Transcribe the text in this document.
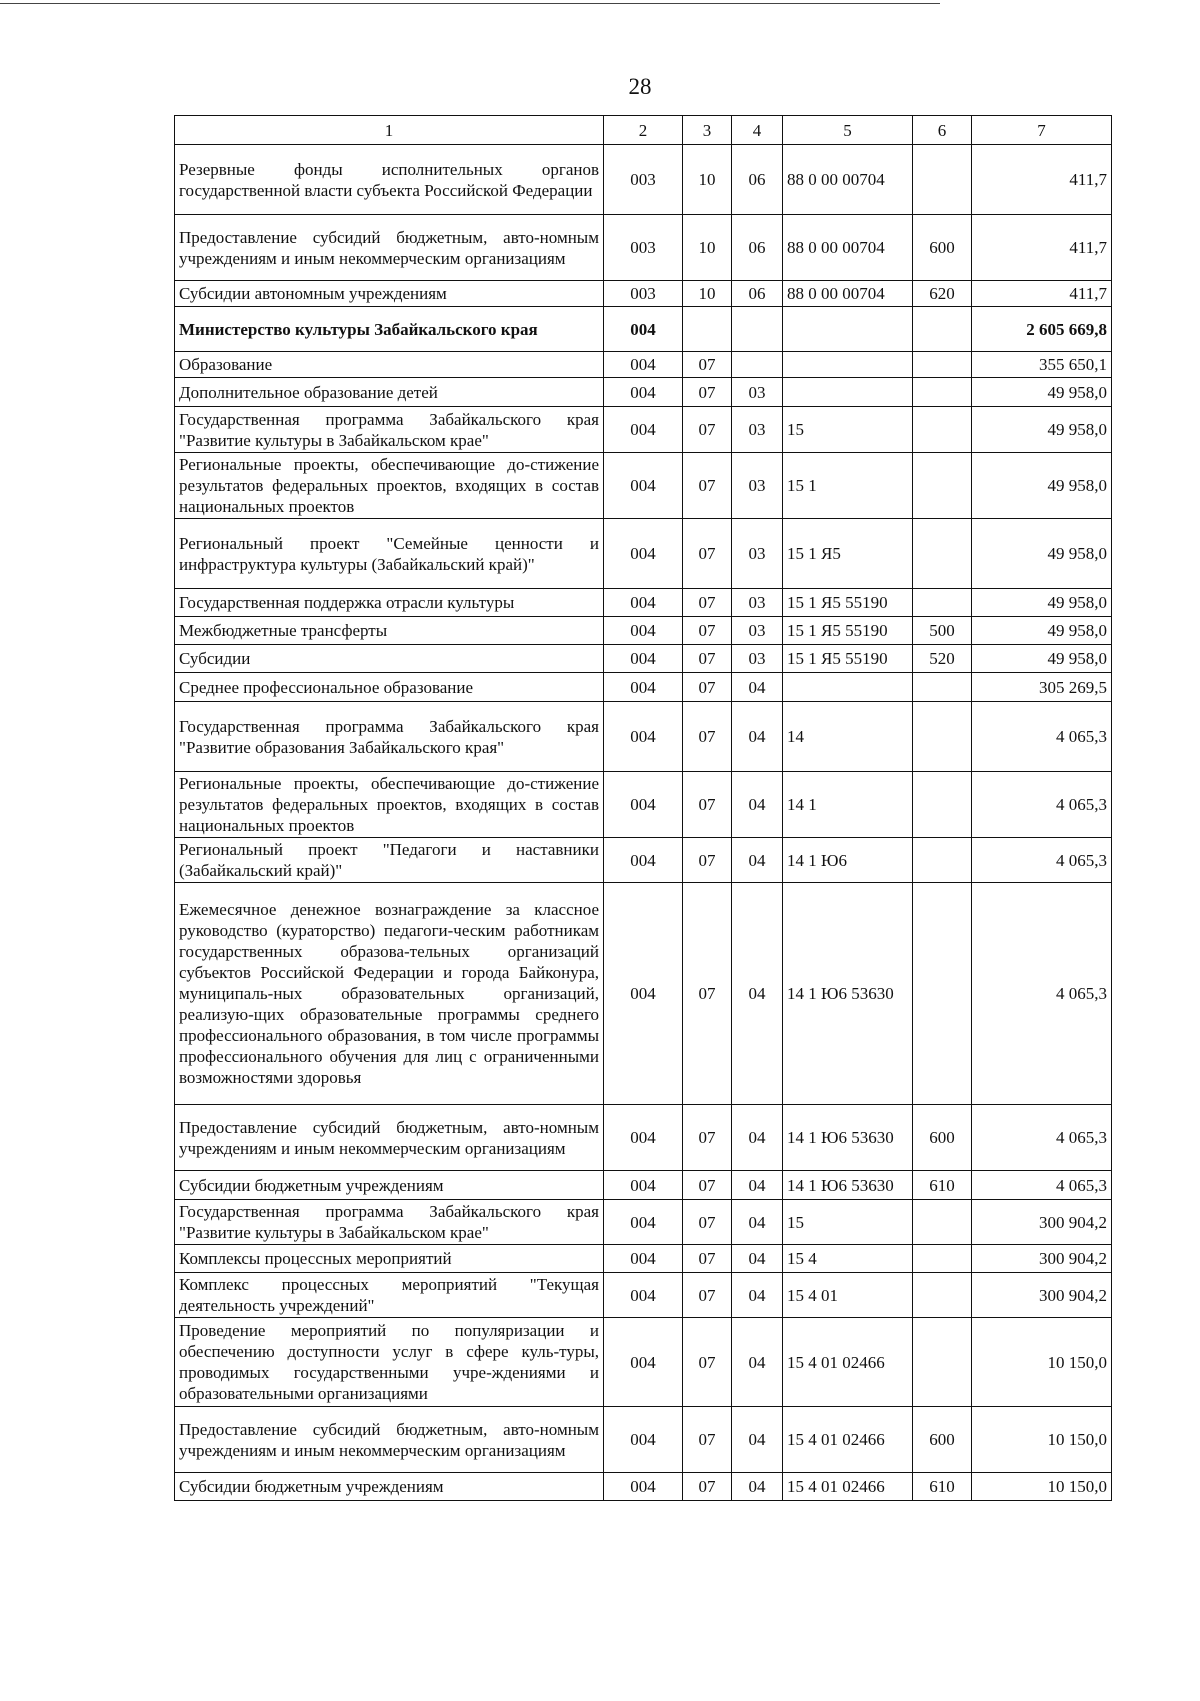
28
1	2	3	4	5	6	7
Резервные фонды исполнительных органов государственной власти субъекта Российской Федерации	003	10	06	88 0 00 00704		411,7
Предоставление субсидий бюджетным, авто-номным учреждениям и иным некоммерческим организациям	003	10	06	88 0 00 00704	600	411,7
Субсидии автономным учреждениям	003	10	06	88 0 00 00704	620	411,7
Министерство культуры Забайкальского края	004					2 605 669,8
Образование	004	07				355 650,1
Дополнительное образование детей	004	07	03			49 958,0
Государственная программа Забайкальского края "Развитие культуры в Забайкальском крае"	004	07	03	15		49 958,0
Региональные проекты, обеспечивающие до-стижение результатов федеральных проектов, входящих в состав национальных проектов	004	07	03	15 1		49 958,0
Региональный проект "Семейные ценности и инфраструктура культуры (Забайкальский край)"	004	07	03	15 1 Я5		49 958,0
Государственная поддержка отрасли культуры	004	07	03	15 1 Я5 55190		49 958,0
Межбюджетные трансферты	004	07	03	15 1 Я5 55190	500	49 958,0
Субсидии	004	07	03	15 1 Я5 55190	520	49 958,0
Среднее профессиональное образование	004	07	04			305 269,5
Государственная программа Забайкальского края "Развитие образования Забайкальского края"	004	07	04	14		4 065,3
Региональные проекты, обеспечивающие до-стижение результатов федеральных проектов, входящих в состав национальных проектов	004	07	04	14 1		4 065,3
Региональный проект "Педагоги и наставники (Забайкальский край)"	004	07	04	14 1 Ю6		4 065,3
Ежемесячное денежное вознаграждение за классное руководство (кураторство) педагоги-ческим работникам государственных образова-тельных организаций субъектов Российской Федерации и города Байконура, муниципаль-ных образовательных организаций, реализую-щих образовательные программы среднего профессионального образования, в том числе программы профессионального обучения для лиц с ограниченными возможностями здоровья	004	07	04	14 1 Ю6 53630		4 065,3
Предоставление субсидий бюджетным, авто-номным учреждениям и иным некоммерческим организациям	004	07	04	14 1 Ю6 53630	600	4 065,3
Субсидии бюджетным учреждениям	004	07	04	14 1 Ю6 53630	610	4 065,3
Государственная программа Забайкальского края "Развитие культуры в Забайкальском крае"	004	07	04	15		300 904,2
Комплексы процессных мероприятий	004	07	04	15 4		300 904,2
Комплекс процессных мероприятий "Текущая деятельность учреждений"	004	07	04	15 4 01		300 904,2
Проведение мероприятий по популяризации и обеспечению доступности услуг в сфере куль-туры, проводимых государственными учре-ждениями и образовательными организациями	004	07	04	15 4 01 02466		10 150,0
Предоставление субсидий бюджетным, авто-номным учреждениям и иным некоммерческим организациям	004	07	04	15 4 01 02466	600	10 150,0
Субсидии бюджетным учреждениям	004	07	04	15 4 01 02466	610	10 150,0
